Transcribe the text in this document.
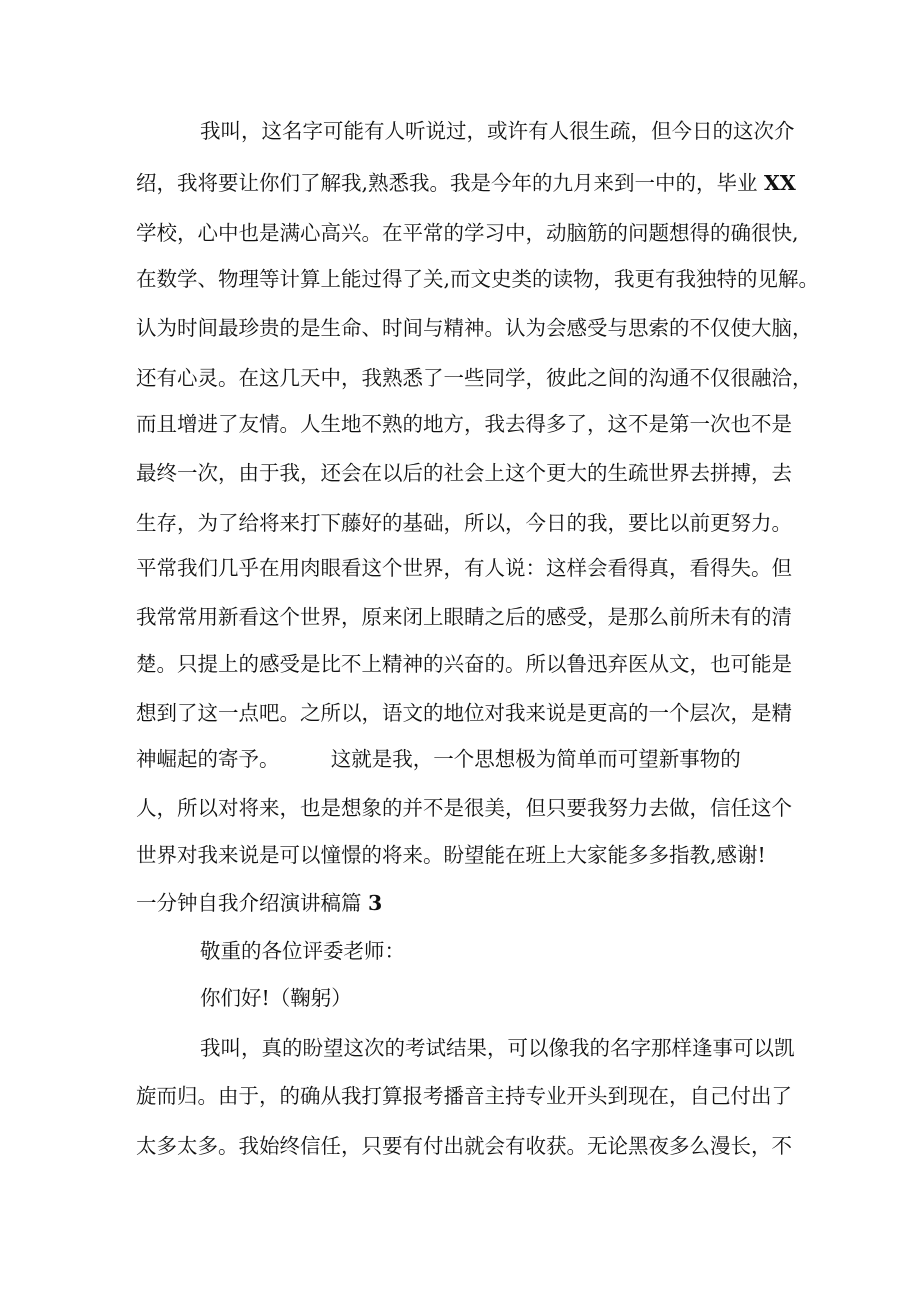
我叫，这名字可能有人听说过，或许有人很生疏，但今日的这次介
绍，我将要让你们了解我,熟悉我。我是今年的九月来到一中的，毕业 XX
学校，心中也是满心高兴。在平常的学习中，动脑筋的问题想得的确很快,
在数学、物理等计算上能过得了关,而文史类的读物，我更有我独特的见解。
认为时间最珍贵的是生命、时间与精神。认为会感受与思索的不仅使大脑，
还有心灵。在这几天中，我熟悉了一些同学，彼此之间的沟通不仅很融洽，
而且增进了友情。人生地不熟的地方，我去得多了，这不是第一次也不是
最终一次，由于我，还会在以后的社会上这个更大的生疏世界去拼搏，去
生存，为了给将来打下藤好的基础，所以，今日的我，要比以前更努力。
平常我们几乎在用肉眼看这个世界，有人说：这样会看得真，看得失。但
我常常用新看这个世界，原来闭上眼睛之后的感受，是那么前所未有的清
楚。只提上的感受是比不上精神的兴奋的。所以鲁迅弃医从文，也可能是
想到了这一点吧。之所以，语文的地位对我来说是更高的一个层次，是精
神崛起的寄予。　　　这就是我，一个思想极为简单而可望新事物的
人，所以对将来，也是想象的并不是很美，但只要我努力去做，信任这个
世界对我来说是可以憧憬的将来。盼望能在班上大家能多多指教,感谢!
一分钟自我介绍演讲稿篇 3
敬重的各位评委老师：
你们好!（鞠躬）
我叫，真的盼望这次的考试结果，可以像我的名字那样逢事可以凯
旋而归。由于，的确从我打算报考播音主持专业开头到现在，自己付出了
太多太多。我始终信任，只要有付出就会有收获。无论黑夜多么漫长，不
